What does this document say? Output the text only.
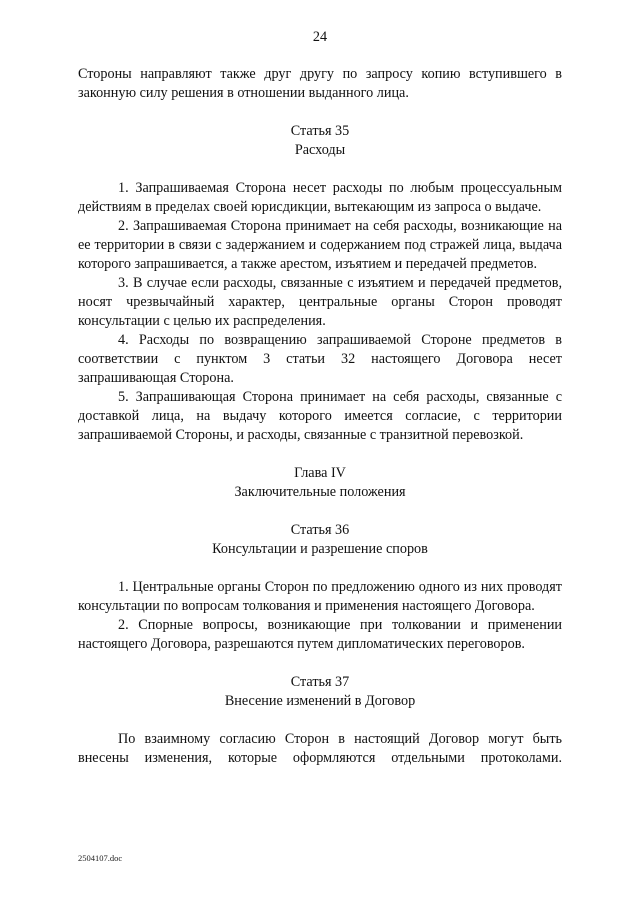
24

Стороны направляют также друг другу по запросу копию вступившего в законную силу решения в отношении выданного лица.

Статья 35

Расходы

1. Запрашиваемая Сторона несет расходы по любым процессуальным действиям в пределах своей юрисдикции, вытекающим из запроса о выдаче.

2. Запрашиваемая Сторона принимает на себя расходы, возникающие на ее территории в связи с задержанием и содержанием под стражей лица, выдача которого запрашивается, а также арестом, изъятием и передачей предметов.

3. В случае если расходы, связанные с изъятием и передачей предметов, носят чрезвычайный характер, центральные органы Сторон проводят консультации с целью их распределения.

4. Расходы по возвращению запрашиваемой Стороне предметов в соответствии с пунктом 3 статьи 32 настоящего Договора несет запрашивающая Сторона.

5. Запрашивающая Сторона принимает на себя расходы, связанные с доставкой лица, на выдачу которого имеется согласие, с территории запрашиваемой Стороны, и расходы, связанные с транзитной перевозкой.

Глава IV

Заключительные положения

Статья 36

Консультации и разрешение споров

1. Центральные органы Сторон по предложению одного из них проводят консультации по вопросам толкования и применения настоящего Договора.

2. Спорные вопросы, возникающие при толковании и применении настоящего Договора, разрешаются путем дипломатических переговоров.

Статья 37

Внесение изменений в Договор

По взаимному согласию Сторон в настоящий Договор могут быть внесены изменения, которые оформляются отдельными протоколами.

2504107.doc
